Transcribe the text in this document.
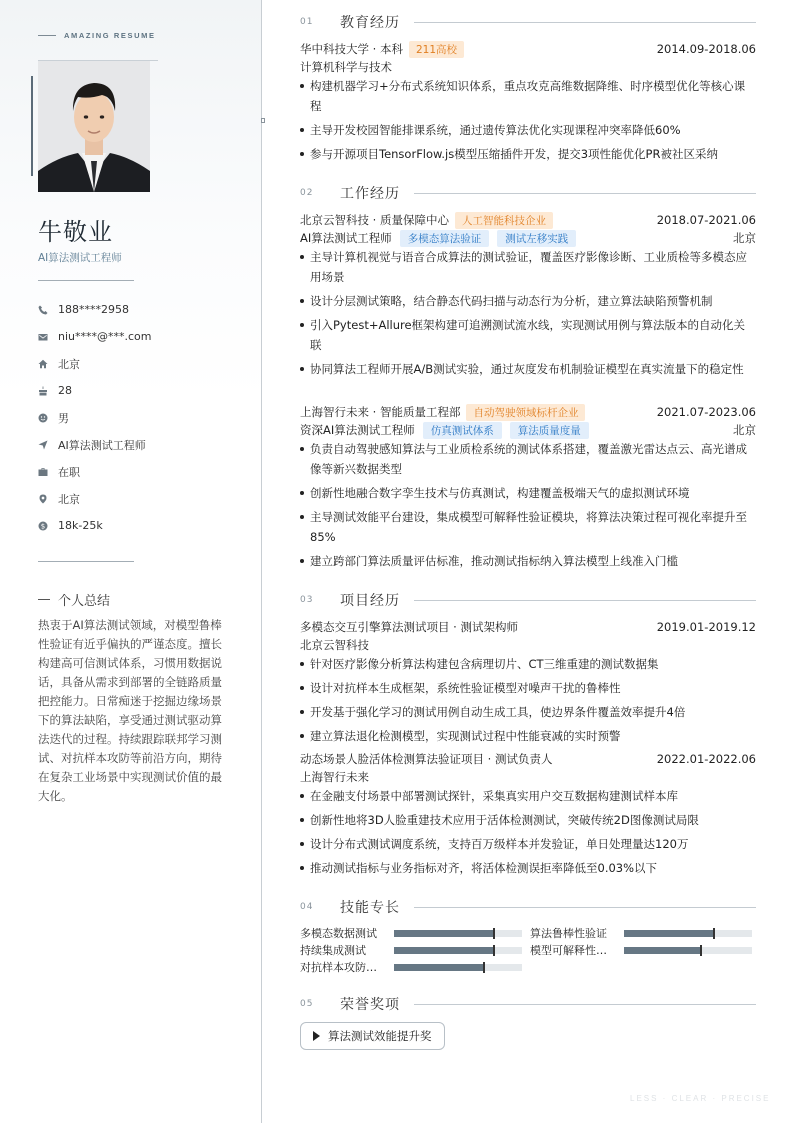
AMAZING RESUME
牛敬业
AI算法测试工程师
188****2958
niu****@***.com
北京
28
男
AI算法测试工程师
在职
北京
$ 18k-25k
个人总结
热衷于AI算法测试领域，对模型鲁棒性验证有近乎偏执的严谨态度。擅长构建高可信测试体系，习惯用数据说话，具备从需求到部署的全链路质量把控能力。日常痴迷于挖掘边缘场景下的算法缺陷，享受通过测试驱动算法迭代的过程。持续跟踪联邦学习测试、对抗样本攻防等前沿方向，期待在复杂工业场景中实现测试价值的最大化。
01	教育经历
华中科技大学 · 本科	211高校	2014.09-2018.06
计算机科学与技术
构建机器学习+分布式系统知识体系，重点攻克高维数据降维、时序模型优化等核心课程
主导开发校园智能排课系统，通过遗传算法优化实现课程冲突率降低60%
参与开源项目TensorFlow.js模型压缩插件开发，提交3项性能优化PR被社区采纳
02	工作经历
北京云智科技 · 质量保障中心	人工智能科技企业	2018.07-2021.06
AI算法测试工程师	多模态算法验证	测试左移实践	北京
主导计算机视觉与语音合成算法的测试验证，覆盖医疗影像诊断、工业质检等多模态应用场景
设计分层测试策略，结合静态代码扫描与动态行为分析，建立算法缺陷预警机制
引入Pytest+Allure框架构建可追溯测试流水线，实现测试用例与算法版本的自动化关联
协同算法工程师开展A/B测试实验，通过灰度发布机制验证模型在真实流量下的稳定性
上海智行未来 · 智能质量工程部	自动驾驶领域标杆企业	2021.07-2023.06
资深AI算法测试工程师	仿真测试体系	算法质量度量	北京
负责自动驾驶感知算法与工业质检系统的测试体系搭建，覆盖激光雷达点云、高光谱成像等新兴数据类型
创新性地融合数字孪生技术与仿真测试，构建覆盖极端天气的虚拟测试环境
主导测试效能平台建设，集成模型可解释性验证模块，将算法决策过程可视化率提升至85%
建立跨部门算法质量评估标准，推动测试指标纳入算法模型上线准入门槛
03	项目经历
多模态交互引擎算法测试项目 · 测试架构师	2019.01-2019.12
北京云智科技
针对医疗影像分析算法构建包含病理切片、CT三维重建的测试数据集
设计对抗样本生成框架，系统性验证模型对噪声干扰的鲁棒性
开发基于强化学习的测试用例自动生成工具，使边界条件覆盖效率提升4倍
建立算法退化检测模型，实现测试过程中性能衰减的实时预警
动态场景人脸活体检测算法验证项目 · 测试负责人	2022.01-2022.06
上海智行未来
在金融支付场景中部署测试探针，采集真实用户交互数据构建测试样本库
创新性地将3D人脸重建技术应用于活体检测测试，突破传统2D图像测试局限
设计分布式测试调度系统，支持百万级样本并发验证，单日处理量达120万
推动测试指标与业务指标对齐，将活体检测误拒率降低至0.03%以下
04	技能专长
多模态数据测试	算法鲁棒性验证
持续集成测试	模型可解释性…
对抗样本攻防…
05	荣誉奖项
算法测试效能提升奖
LESS · CLEAR · PRECISE
